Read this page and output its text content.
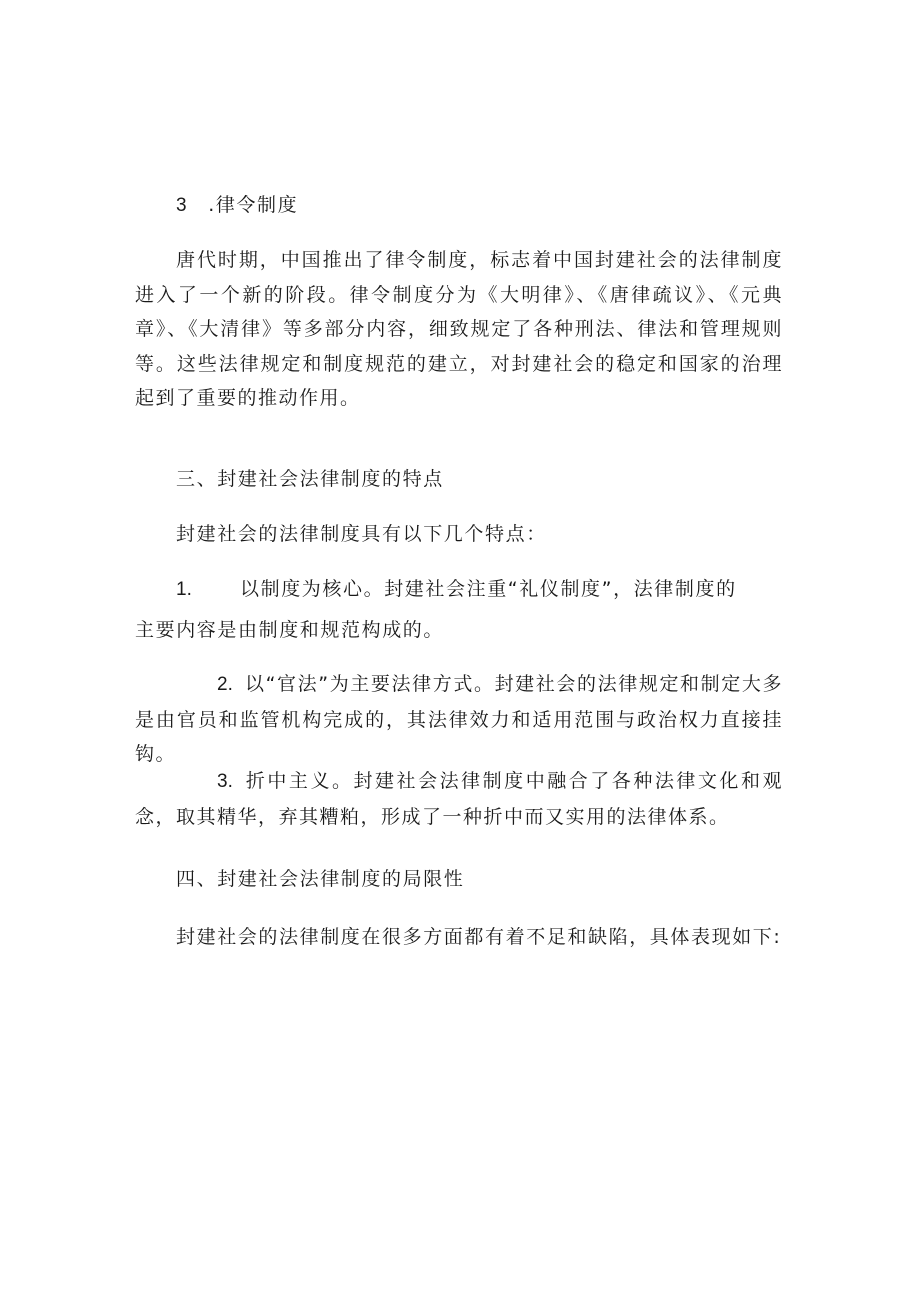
3 .律令制度
唐代时期，中国推出了律令制度，标志着中国封建社会的法律制度进入了一个新的阶段。律令制度分为《大明律》、《唐律疏议》、《元典章》、《大清律》等多部分内容，细致规定了各种刑法、律法和管理规则等。这些法律规定和制度规范的建立，对封建社会的稳定和国家的治理起到了重要的推动作用。
三、封建社会法律制度的特点
封建社会的法律制度具有以下几个特点：
1.	以制度为核心。封建社会注重“礼仪制度”，法律制度的
主要内容是由制度和规范构成的。
2. 以“官法”为主要法律方式。封建社会的法律规定和制定大多是由官员和监管机构完成的，其法律效力和适用范围与政治权力直接挂钩。
3. 折中主义。封建社会法律制度中融合了各种法律文化和观念，取其精华，弃其糟粕，形成了一种折中而又实用的法律体系。
四、封建社会法律制度的局限性
封建社会的法律制度在很多方面都有着不足和缺陷，具体表现如下:
